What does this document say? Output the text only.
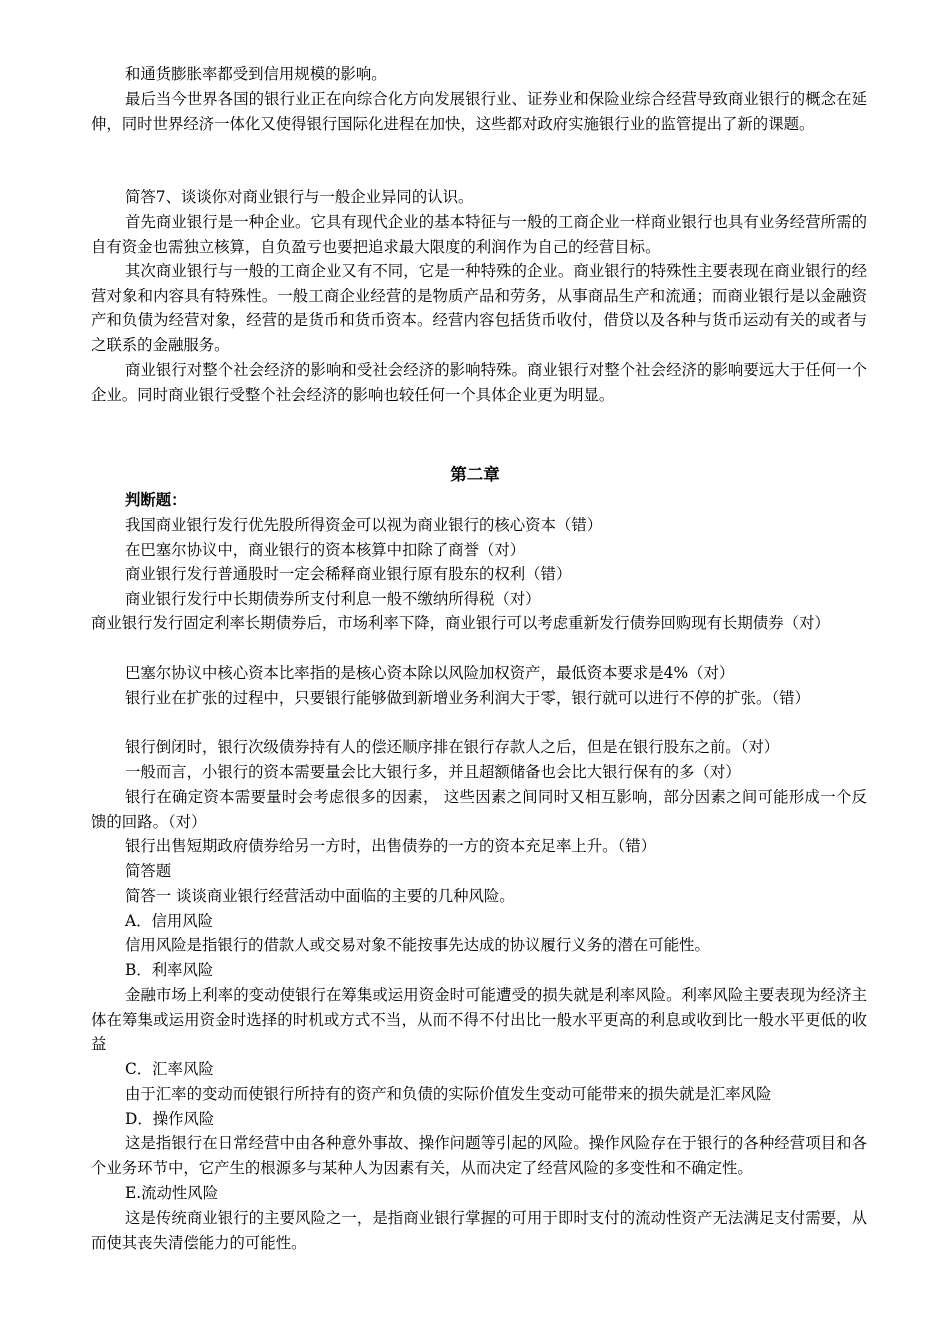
和通货膨胀率都受到信用规模的影响。

最后当今世界各国的银行业正在向综合化方向发展银行业、证券业和保险业综合经营导致商业银行的概念在延伸，同时世界经济一体化又使得银行国际化进程在加快，这些都对政府实施银行业的监管提出了新的课题。

简答7、谈谈你对商业银行与一般企业异同的认识。

首先商业银行是一种企业。它具有现代企业的基本特征与一般的工商企业一样商业银行也具有业务经营所需的自有资金也需独立核算，自负盈亏也要把追求最大限度的利润作为自己的经营目标。

其次商业银行与一般的工商企业又有不同，它是一种特殊的企业。商业银行的特殊性主要表现在商业银行的经营对象和内容具有特殊性。一般工商企业经营的是物质产品和劳务，从事商品生产和流通；而商业银行是以金融资产和负债为经营对象，经营的是货币和货币资本。经营内容包括货币收付，借贷以及各种与货币运动有关的或者与之联系的金融服务。

商业银行对整个社会经济的影响和受社会经济的影响特殊。商业银行对整个社会经济的影响要远大于任何一个企业。同时商业银行受整个社会经济的影响也较任何一个具体企业更为明显。

第二章

判断题：

我国商业银行发行优先股所得资金可以视为商业银行的核心资本（错）

在巴塞尔协议中，商业银行的资本核算中扣除了商誉（对）

商业银行发行普通股时一定会稀释商业银行原有股东的权利（错）

商业银行发行中长期债券所支付利息一般不缴纳所得税（对）

商业银行发行固定利率长期债券后，市场利率下降，商业银行可以考虑重新发行债券回购现有长期债券（对）

巴塞尔协议中核心资本比率指的是核心资本除以风险加权资产，最低资本要求是4%（对）

银行业在扩张的过程中，只要银行能够做到新增业务利润大于零，银行就可以进行不停的扩张。（错）

银行倒闭时，银行次级债券持有人的偿还顺序排在银行存款人之后，但是在银行股东之前。（对）

一般而言，小银行的资本需要量会比大银行多，并且超额储备也会比大银行保有的多（对）

银行在确定资本需要量时会考虑很多的因素， 这些因素之间同时又相互影响，部分因素之间可能形成一个反馈的回路。（对）

银行出售短期政府债券给另一方时，出售债券的一方的资本充足率上升。（错）

简答题

简答一 谈谈商业银行经营活动中面临的主要的几种风险。

A．信用风险

信用风险是指银行的借款人或交易对象不能按事先达成的协议履行义务的潜在可能性。

B．利率风险

金融市场上利率的变动使银行在筹集或运用资金时可能遭受的损失就是利率风险。利率风险主要表现为经济主体在筹集或运用资金时选择的时机或方式不当，从而不得不付出比一般水平更高的利息或收到比一般水平更低的收益

C．汇率风险

由于汇率的变动而使银行所持有的资产和负债的实际价值发生变动可能带来的损失就是汇率风险

D．操作风险

这是指银行在日常经营中由各种意外事故、操作问题等引起的风险。操作风险存在于银行的各种经营项目和各个业务环节中，它产生的根源多与某种人为因素有关，从而决定了经营风险的多变性和不确定性。

E.流动性风险

这是传统商业银行的主要风险之一，是指商业银行掌握的可用于即时支付的流动性资产无法满足支付需要，从而使其丧失清偿能力的可能性。
